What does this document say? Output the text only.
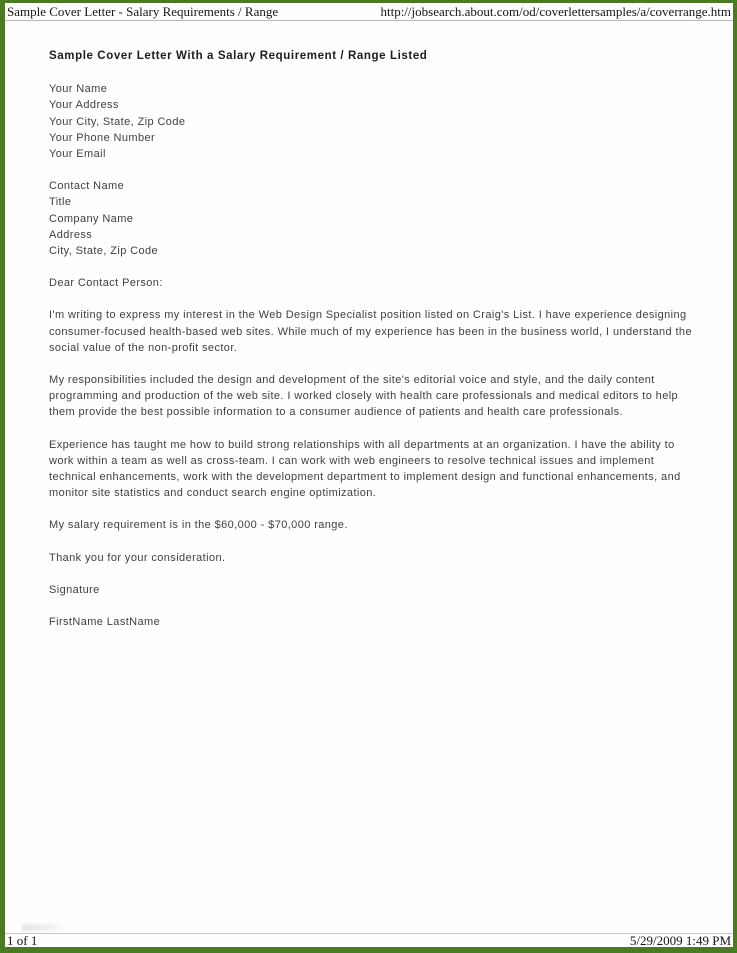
Sample Cover Letter - Salary Requirements / Range	http://jobsearch.about.com/od/coverlettersamples/a/coverrange.htm
Sample Cover Letter With a Salary Requirement / Range Listed
Your Name
Your Address
Your City, State, Zip Code
Your Phone Number
Your Email
Contact Name
Title
Company Name
Address
City, State, Zip Code

Dear Contact Person:

I'm writing to express my interest in the Web Design Specialist position listed on Craig's List. I have experience designing consumer-focused health-based web sites. While much of my experience has been in the business world, I understand the social value of the non-profit sector.

My responsibilities included the design and development of the site's editorial voice and style, and the daily content programming and production of the web site. I worked closely with health care professionals and medical editors to help them provide the best possible information to a consumer audience of patients and health care professionals.

Experience has taught me how to build strong relationships with all departments at an organization. I have the ability to work within a team as well as cross-team. I can work with web engineers to resolve technical issues and implement technical enhancements, work with the development department to implement design and functional enhancements, and monitor site statistics and conduct search engine optimization.

My salary requirement is in the $60,000 - $70,000 range.

Thank you for your consideration.

Signature

FirstName LastName

1 of 1	5/29/2009 1:49 PM
